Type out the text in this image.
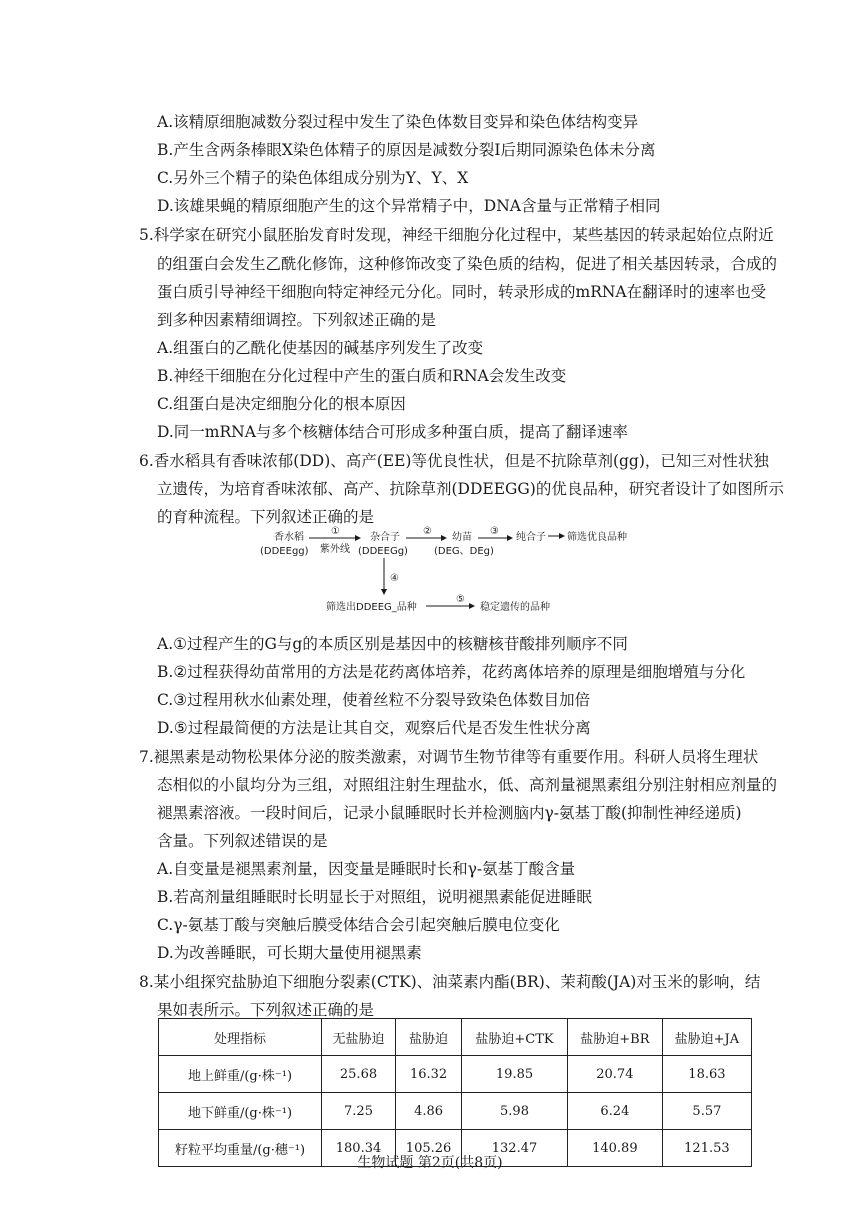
A.该精原细胞减数分裂过程中发生了染色体数目变异和染色体结构变异
B.产生含两条棒眼X染色体精子的原因是减数分裂Ⅰ后期同源染色体未分离
C.另外三个精子的染色体组成分别为Y、Y、X
D.该雄果蝇的精原细胞产生的这个异常精子中，DNA含量与正常精子相同
5.科学家在研究小鼠胚胎发育时发现，神经干细胞分化过程中，某些基因的转录起始位点附近
的组蛋白会发生乙酰化修饰，这种修饰改变了染色质的结构，促进了相关基因转录，合成的
蛋白质引导神经干细胞向特定神经元分化。同时，转录形成的mRNA在翻译时的速率也受
到多种因素精细调控。下列叙述正确的是
A.组蛋白的乙酰化使基因的碱基序列发生了改变
B.神经干细胞在分化过程中产生的蛋白质和RNA会发生改变
C.组蛋白是决定细胞分化的根本原因
D.同一mRNA与多个核糖体结合可形成多种蛋白质，提高了翻译速率
6.香水稻具有香味浓郁(DD)、高产(EE)等优良性状，但是不抗除草剂(gg)，已知三对性状独
立遗传，为培育香味浓郁、高产、抗除草剂(DDEEGG)的优良品种，研究者设计了如图所示
的育种流程。下列叙述正确的是
香水稻
(DDEEgg)
①
紫外线
杂合子
(DDEEGg)
②
幼苗
(DEG、DEg)
③
纯合子 筛选优良品种
④
筛选出DDEEG_品种
⑤
稳定遗传的品种
A.①过程产生的G与g的本质区别是基因中的核糖核苷酸排列顺序不同
B.②过程获得幼苗常用的方法是花药离体培养，花药离体培养的原理是细胞增殖与分化
C.③过程用秋水仙素处理，使着丝粒不分裂导致染色体数目加倍
D.⑤过程最简便的方法是让其自交，观察后代是否发生性状分离
7.褪黑素是动物松果体分泌的胺类激素，对调节生物节律等有重要作用。科研人员将生理状
态相似的小鼠均分为三组，对照组注射生理盐水，低、高剂量褪黑素组分别注射相应剂量的
褪黑素溶液。一段时间后，记录小鼠睡眠时长并检测脑内γ-氨基丁酸(抑制性神经递质)
含量。下列叙述错误的是
A.自变量是褪黑素剂量，因变量是睡眠时长和γ-氨基丁酸含量
B.若高剂量组睡眠时长明显长于对照组，说明褪黑素能促进睡眠
C.γ-氨基丁酸与突触后膜受体结合会引起突触后膜电位变化
D.为改善睡眠，可长期大量使用褪黑素
8.某小组探究盐胁迫下细胞分裂素(CTK)、油菜素内酯(BR)、茉莉酸(JA)对玉米的影响，结
果如表所示。下列叙述正确的是
处理指标	无盐胁迫	盐胁迫	盐胁迫+CTK	盐胁迫+BR	盐胁迫+JA
地上鲜重/(g·株⁻¹)	25.68	16.32	19.85	20.74	18.63
地下鲜重/(g·株⁻¹)	7.25	4.86	5.98	6.24	5.57
籽粒平均重量/(g·穗⁻¹)	180.34	105.26	132.47	140.89	121.53
生物试题 第2页(共8页)
